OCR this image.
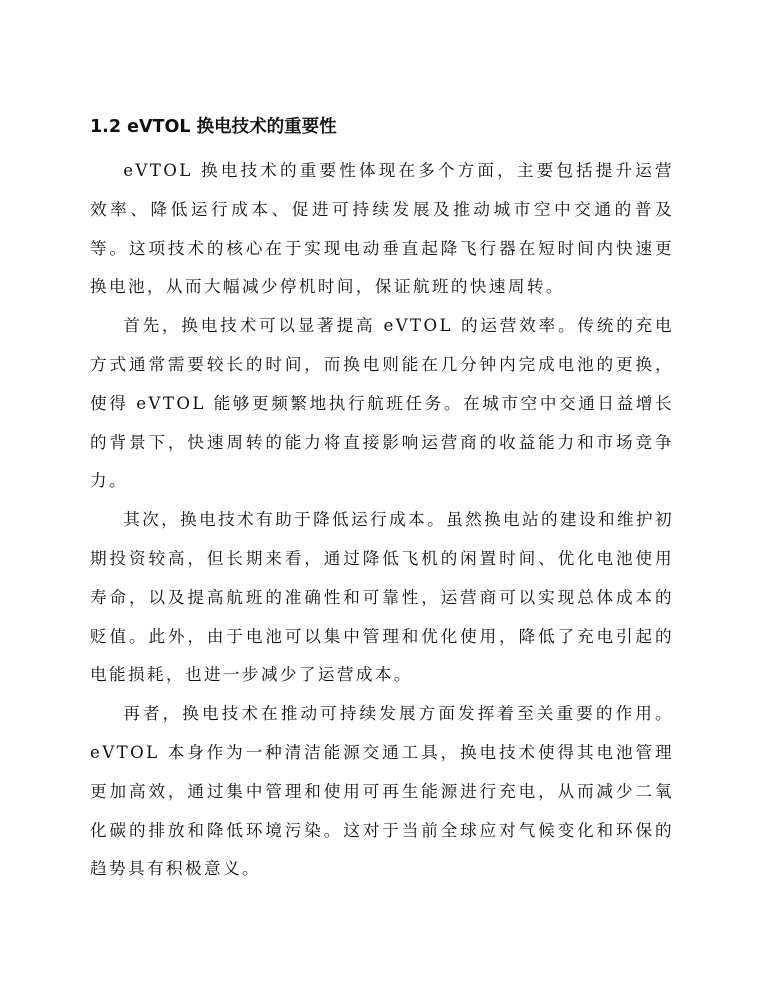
1.2 eVTOL 换电技术的重要性

eVTOL 换电技术的重要性体现在多个方面，主要包括提升运营效率、降低运行成本、促进可持续发展及推动城市空中交通的普及等。这项技术的核心在于实现电动垂直起降飞行器在短时间内快速更换电池，从而大幅减少停机时间，保证航班的快速周转。

首先，换电技术可以显著提高 eVTOL 的运营效率。传统的充电方式通常需要较长的时间，而换电则能在几分钟内完成电池的更换，使得 eVTOL 能够更频繁地执行航班任务。在城市空中交通日益增长的背景下，快速周转的能力将直接影响运营商的收益能力和市场竞争力。

其次，换电技术有助于降低运行成本。虽然换电站的建设和维护初期投资较高，但长期来看，通过降低飞机的闲置时间、优化电池使用寿命，以及提高航班的准确性和可靠性，运营商可以实现总体成本的贬值。此外，由于电池可以集中管理和优化使用，降低了充电引起的电能损耗，也进一步减少了运营成本。

再者，换电技术在推动可持续发展方面发挥着至关重要的作用。eVTOL 本身作为一种清洁能源交通工具，换电技术使得其电池管理更加高效，通过集中管理和使用可再生能源进行充电，从而减少二氧化碳的排放和降低环境污染。这对于当前全球应对气候变化和环保的趋势具有积极意义。
